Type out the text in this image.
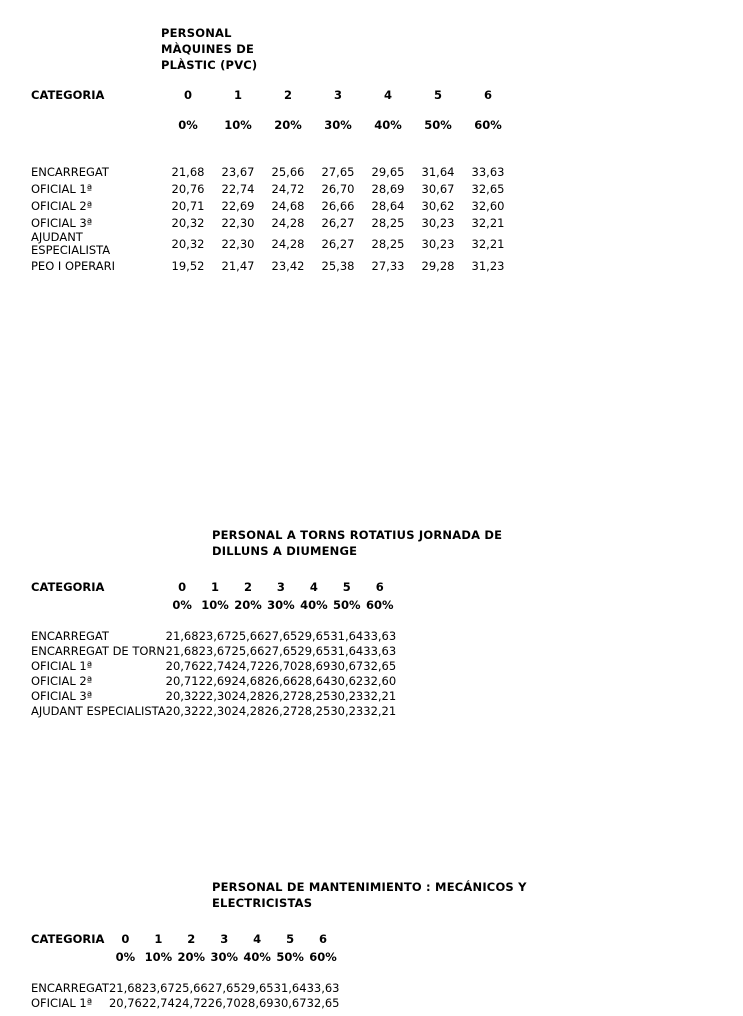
PERSONAL
MÀQUINES DE
PLÀSTIC (PVC)
CATEGORIA	0	1	2	3	4	5	6
	0%	10%	20%	30%	40%	50%	60%
ENCARREGAT	21,68	23,67	25,66	27,65	29,65	31,64	33,63
OFICIAL 1ª	20,76	22,74	24,72	26,70	28,69	30,67	32,65
OFICIAL 2ª	20,71	22,69	24,68	26,66	28,64	30,62	32,60
OFICIAL 3ª	20,32	22,30	24,28	26,27	28,25	30,23	32,21
AJUDANT
ESPECIALISTA	20,32	22,30	24,28	26,27	28,25	30,23	32,21
PEO I OPERARI	19,52	21,47	23,42	25,38	27,33	29,28	31,23
PERSONAL A TORNS ROTATIUS JORNADA DE
DILLUNS A DIUMENGE
CATEGORIA	0	1	2	3	4	5	6
	0%	10%	20%	30%	40%	50%	60%
ENCARREGAT	21,68	23,67	25,66	27,65	29,65	31,64	33,63
ENCARREGAT DE TORN	21,68	23,67	25,66	27,65	29,65	31,64	33,63
OFICIAL 1ª	20,76	22,74	24,72	26,70	28,69	30,67	32,65
OFICIAL 2ª	20,71	22,69	24,68	26,66	28,64	30,62	32,60
OFICIAL 3ª	20,32	22,30	24,28	26,27	28,25	30,23	32,21
AJUDANT ESPECIALISTA	20,32	22,30	24,28	26,27	28,25	30,23	32,21
PERSONAL DE MANTENIMIENTO : MECÁNICOS Y
ELECTRICISTAS
CATEGORIA	0	1	2	3	4	5	6
	0%	10%	20%	30%	40%	50%	60%
ENCARREGAT	21,68	23,67	25,66	27,65	29,65	31,64	33,63
OFICIAL 1ª	20,76	22,74	24,72	26,70	28,69	30,67	32,65
